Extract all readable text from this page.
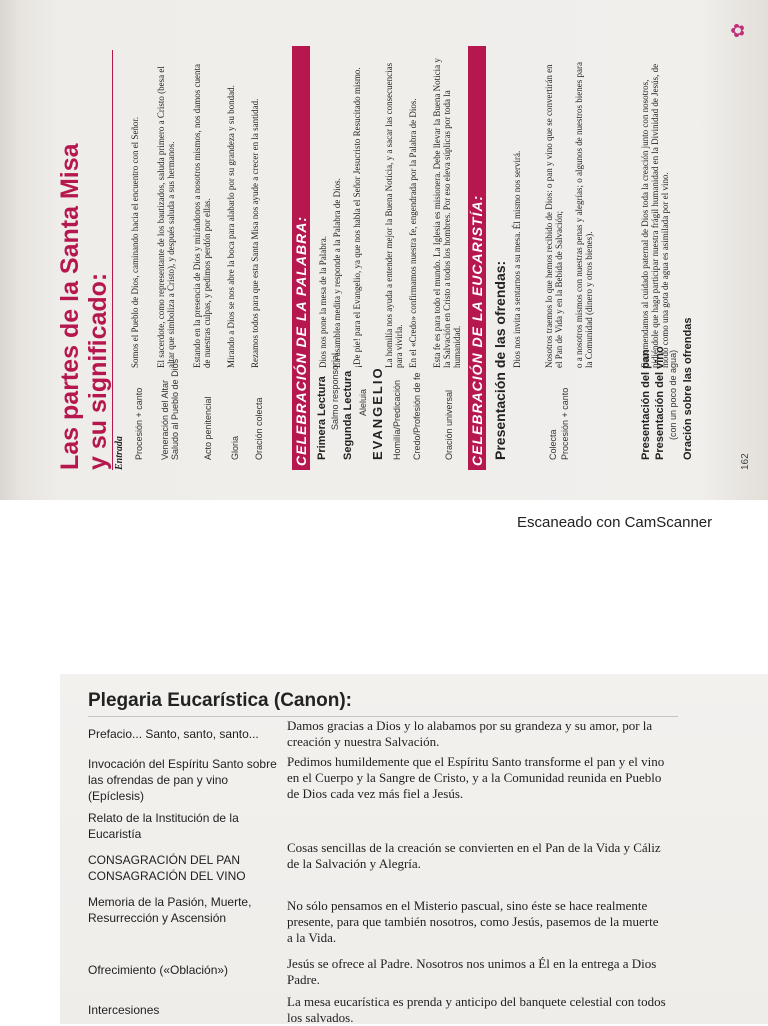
Las partes de la Santa Misa y su significado: Entrada Procesión + canto
Somos el Pueblo de Dios, caminando hacia el encuentro con el Señor.
Veneración del Altar
El sacerdote, como representante de los bautizados, saluda primero a Cristo (besa el altar que simboliza a Cristo), y después saluda a sus hermanos.
Saludo al Pueblo de Dios	Acto penitencial
Estando en la presencia de Dios y mirándonos a nosotros mismos, nos damos cuenta de nuestras culpas, y pedimos perdón por ellas.
Gloria
Mirando a Dios se nos abre la boca para alabarlo por su grandeza y su bondad.
Oración colecta
Rezamos todos para que esta Santa Misa nos ayude a crecer en la santidad. CELEBRACIÓN DE LA PALABRA: Primera Lectura
Dios nos pone la mesa de la Palabra.
Salmo responsorial
La asamblea medita y responde a la Palabra de Dios.
Segunda Lectura Aleluia
¡De pie! para el Evangelio, ya que nos habla el Señor Jesucristo Resucitado mismo.
EVANGELIO Homilía/Predicación
La homilía nos ayuda a entender mejor la Buena Noticia, y a sacar las consecuencias para vivirla.
Credo/Profesión de fe
En el «Credo» confirmamos nuestra fe, engendrada por la Palabra de Dios.
Oración universal
Esta fe es para todo el mundo. La Iglesia es misionera. Debe llevar la Buena Noticia y la Salvación en Cristo a todos los hombres. Por eso eleva súplicas por toda la humanidad. CELEBRACIÓN DE LA EUCARISTÍA: Presentación de las ofrendas: Dios nos invita a sentarnos a su mesa. Él mismo nos servirá.
Colecta
Nosotros traemos lo que hemos recibido de Dios: o pan y vino que se convertirán en el Pan de Vida y en la Bebida de Salvación;
Procesión + canto
o a nosotros mismos con nuestras penas y alegrías; o algunos de nuestros bienes para la Comunidad (dinero y otros bienes).
Presentación del pan
Encomendamos al cuidado paternal de Dios toda la creación junto con nosotros, pidiéndole que haga participar nuestra frágil humanidad en la Divinidad de Jesús, de modo como una gota de agua es asimilada por el vino.
Presentación del vino (con un poco de agua) Oración sobre las ofrendas
162
✿
Escaneado con CamScanner
Plegaria Eucarística (Canon):
Prefacio... Santo, santo, santo...
Damos gracias a Dios y lo alabamos por su grandeza y su amor, por la creación y nuestra Salvación.
Invocación del Espíritu Santo sobre las ofrendas de pan y vino (Epíclesis)
Pedimos humildemente que el Espíritu Santo transforme el pan y el vino en el Cuerpo y la Sangre de Cristo, y a la Comunidad reunida en Pueblo de Dios cada vez más fiel a Jesús.
Relato de la Institución de la Eucaristía
CONSAGRACIÓN DEL PAN CONSAGRACIÓN DEL VINO
Cosas sencillas de la creación se convierten en el Pan de la Vida y Cáliz de la Salvación y Alegría.
Memoria de la Pasión, Muerte, Resurrección y Ascensión
No sólo pensamos en el Misterio pascual, sino éste se hace realmente presente, para que también nosotros, como Jesús, pasemos de la muerte a la Vida.
Ofrecimiento («Oblación»)	Jesús se ofrece al Padre. Nosotros nos unimos a Él en la entrega a Dios Padre.
Intercesiones
La mesa eucarística es prenda y anticipo del banquete celestial con todos los salvados.
